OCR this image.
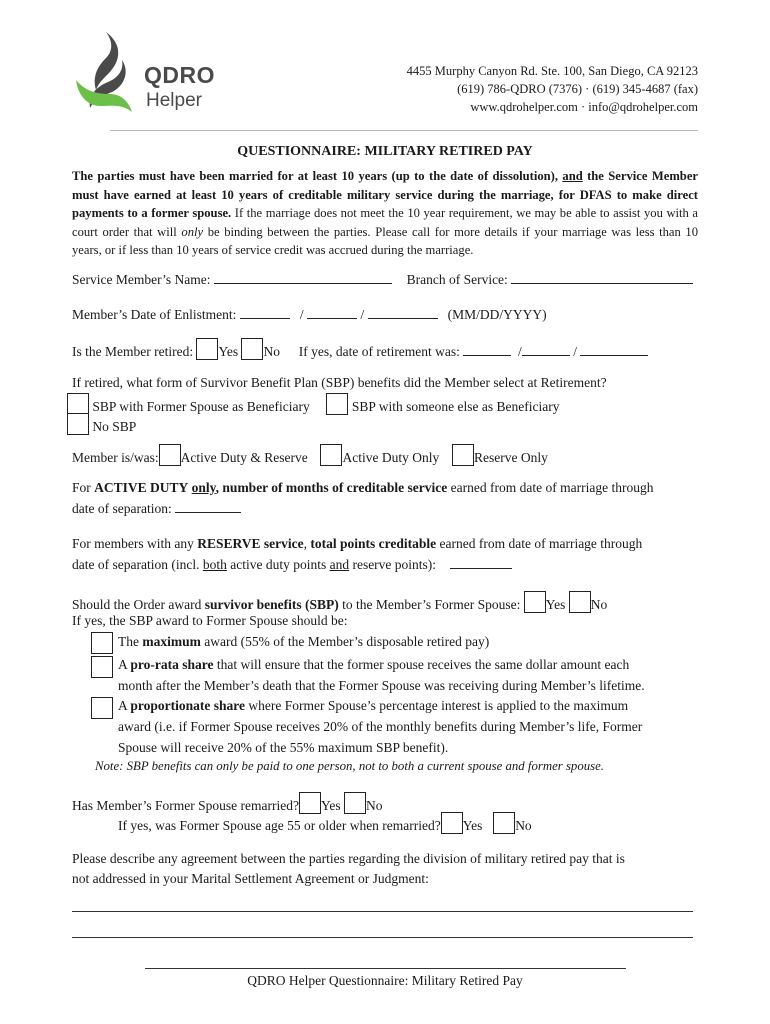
QDRO
Helper
4455 Murphy Canyon Rd. Ste. 100, San Diego, CA 92123
(619) 786-QDRO (7376) · (619) 345-4687 (fax)
www.qdrohelper.com · info@qdrohelper.com
QUESTIONNAIRE: MILITARY RETIRED PAY
The parties must have been married for at least 10 years (up to the date of dissolution), and the Service Member must have earned at least 10 years of creditable military service during the marriage, for DFAS to make direct payments to a former spouse. If the marriage does not meet the 10 year requirement, we may be able to assist you with a court order that will only be binding between the parties. Please call for more details if your marriage was less than 10 years, or if less than 10 years of service credit was accrued during the marriage.
Service Member’s Name:	Branch of Service:
Member’s Date of Enlistment:	/	/	(MM/DD/YYYY)
Is the Member retired: Yes No If yes, date of retirement was:	/	/
If retired, what form of Survivor Benefit Plan (SBP) benefits did the Member select at Retirement?
SBP with Former Spouse as Beneficiary	SBP with someone else as Beneficiary
No SBP
Member is/was: Active Duty & Reserve	Active Duty Only	Reserve Only
For ACTIVE DUTY only, number of months of creditable service earned from date of marriage through
date of separation:
For members with any RESERVE service, total points creditable earned from date of marriage through
date of separation (incl. both active duty points and reserve points):
Should the Order award survivor benefits (SBP) to the Member’s Former Spouse: Yes No
If yes, the SBP award to Former Spouse should be:
The maximum award (55% of the Member’s disposable retired pay)
A pro-rata share that will ensure that the former spouse receives the same dollar amount each
month after the Member’s death that the Former Spouse was receiving during Member’s lifetime.
A proportionate share where Former Spouse’s percentage interest is applied to the maximum
award (i.e. if Former Spouse receives 20% of the monthly benefits during Member’s life, Former
Spouse will receive 20% of the 55% maximum SBP benefit).
Note: SBP benefits can only be paid to one person, not to both a current spouse and former spouse.
Has Member’s Former Spouse remarried? Yes No
If yes, was Former Spouse age 55 or older when remarried? Yes No
Please describe any agreement between the parties regarding the division of military retired pay that is
not addressed in your Marital Settlement Agreement or Judgment:
QDRO Helper Questionnaire: Military Retired Pay
